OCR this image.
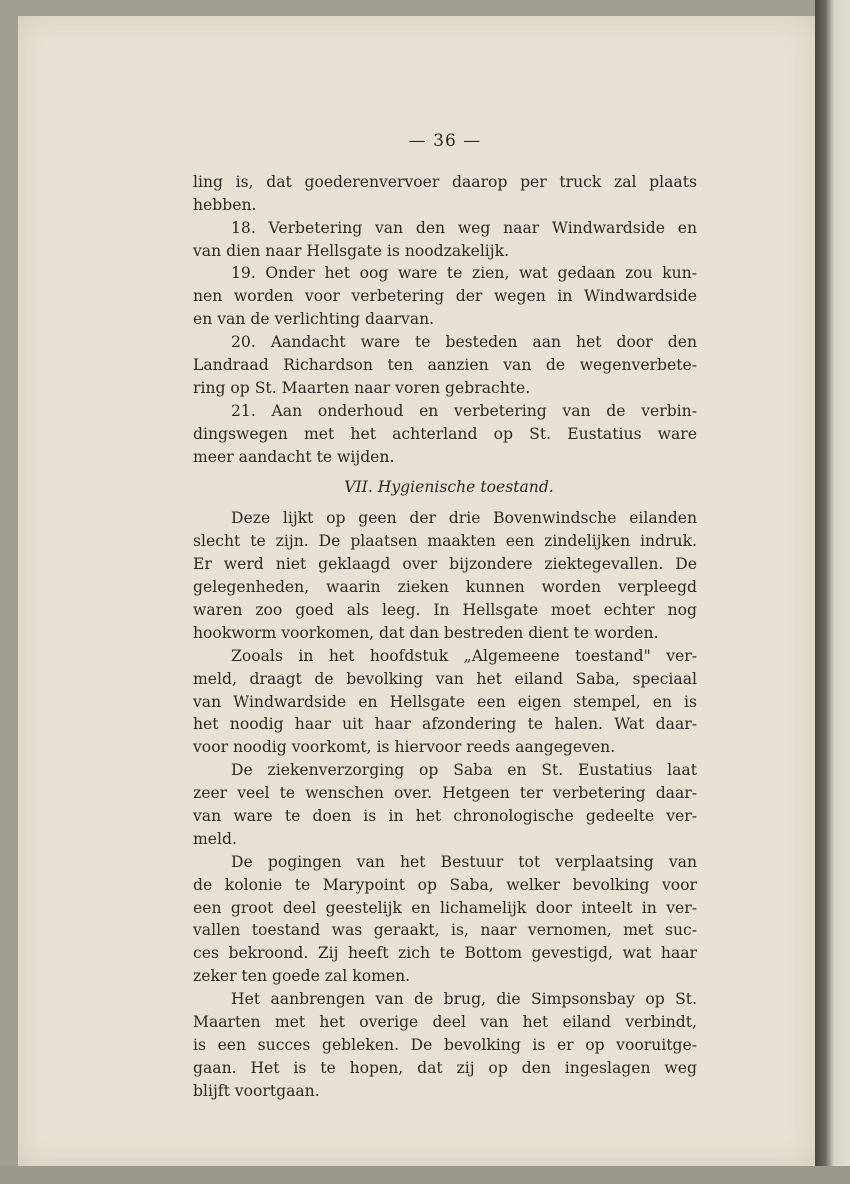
— 36 —
ling is, dat goederenvervoer daarop per truck zal plaats
hebben.
18. Verbetering van den weg naar Windwardside en
van dien naar Hellsgate is noodzakelijk.
19. Onder het oog ware te zien, wat gedaan zou kun-
nen worden voor verbetering der wegen in Windwardside
en van de verlichting daarvan.
20. Aandacht ware te besteden aan het door den
Landraad Richardson ten aanzien van de wegenverbete-
ring op St. Maarten naar voren gebrachte.
21. Aan onderhoud en verbetering van de verbin-
dingswegen met het achterland op St. Eustatius ware
meer aandacht te wijden.
VII. Hygienische toestand.
Deze lijkt op geen der drie Bovenwindsche eilanden
slecht te zijn. De plaatsen maakten een zindelijken indruk.
Er werd niet geklaagd over bijzondere ziektegevallen. De
gelegenheden, waarin zieken kunnen worden verpleegd
waren zoo goed als leeg. In Hellsgate moet echter nog
hookworm voorkomen, dat dan bestreden dient te worden.
Zooals in het hoofdstuk „Algemeene toestand" ver-
meld, draagt de bevolking van het eiland Saba, speciaal
van Windwardside en Hellsgate een eigen stempel, en is
het noodig haar uit haar afzondering te halen. Wat daar-
voor noodig voorkomt, is hiervoor reeds aangegeven.
De ziekenverzorging op Saba en St. Eustatius laat
zeer veel te wenschen over. Hetgeen ter verbetering daar-
van ware te doen is in het chronologische gedeelte ver-
meld.
De pogingen van het Bestuur tot verplaatsing van
de kolonie te Marypoint op Saba, welker bevolking voor
een groot deel geestelijk en lichamelijk door inteelt in ver-
vallen toestand was geraakt, is, naar vernomen, met suc-
ces bekroond. Zij heeft zich te Bottom gevestigd, wat haar
zeker ten goede zal komen.
Het aanbrengen van de brug, die Simpsonsbay op St.
Maarten met het overige deel van het eiland verbindt,
is een succes gebleken. De bevolking is er op vooruitge-
gaan. Het is te hopen, dat zij op den ingeslagen weg
blijft voortgaan.
